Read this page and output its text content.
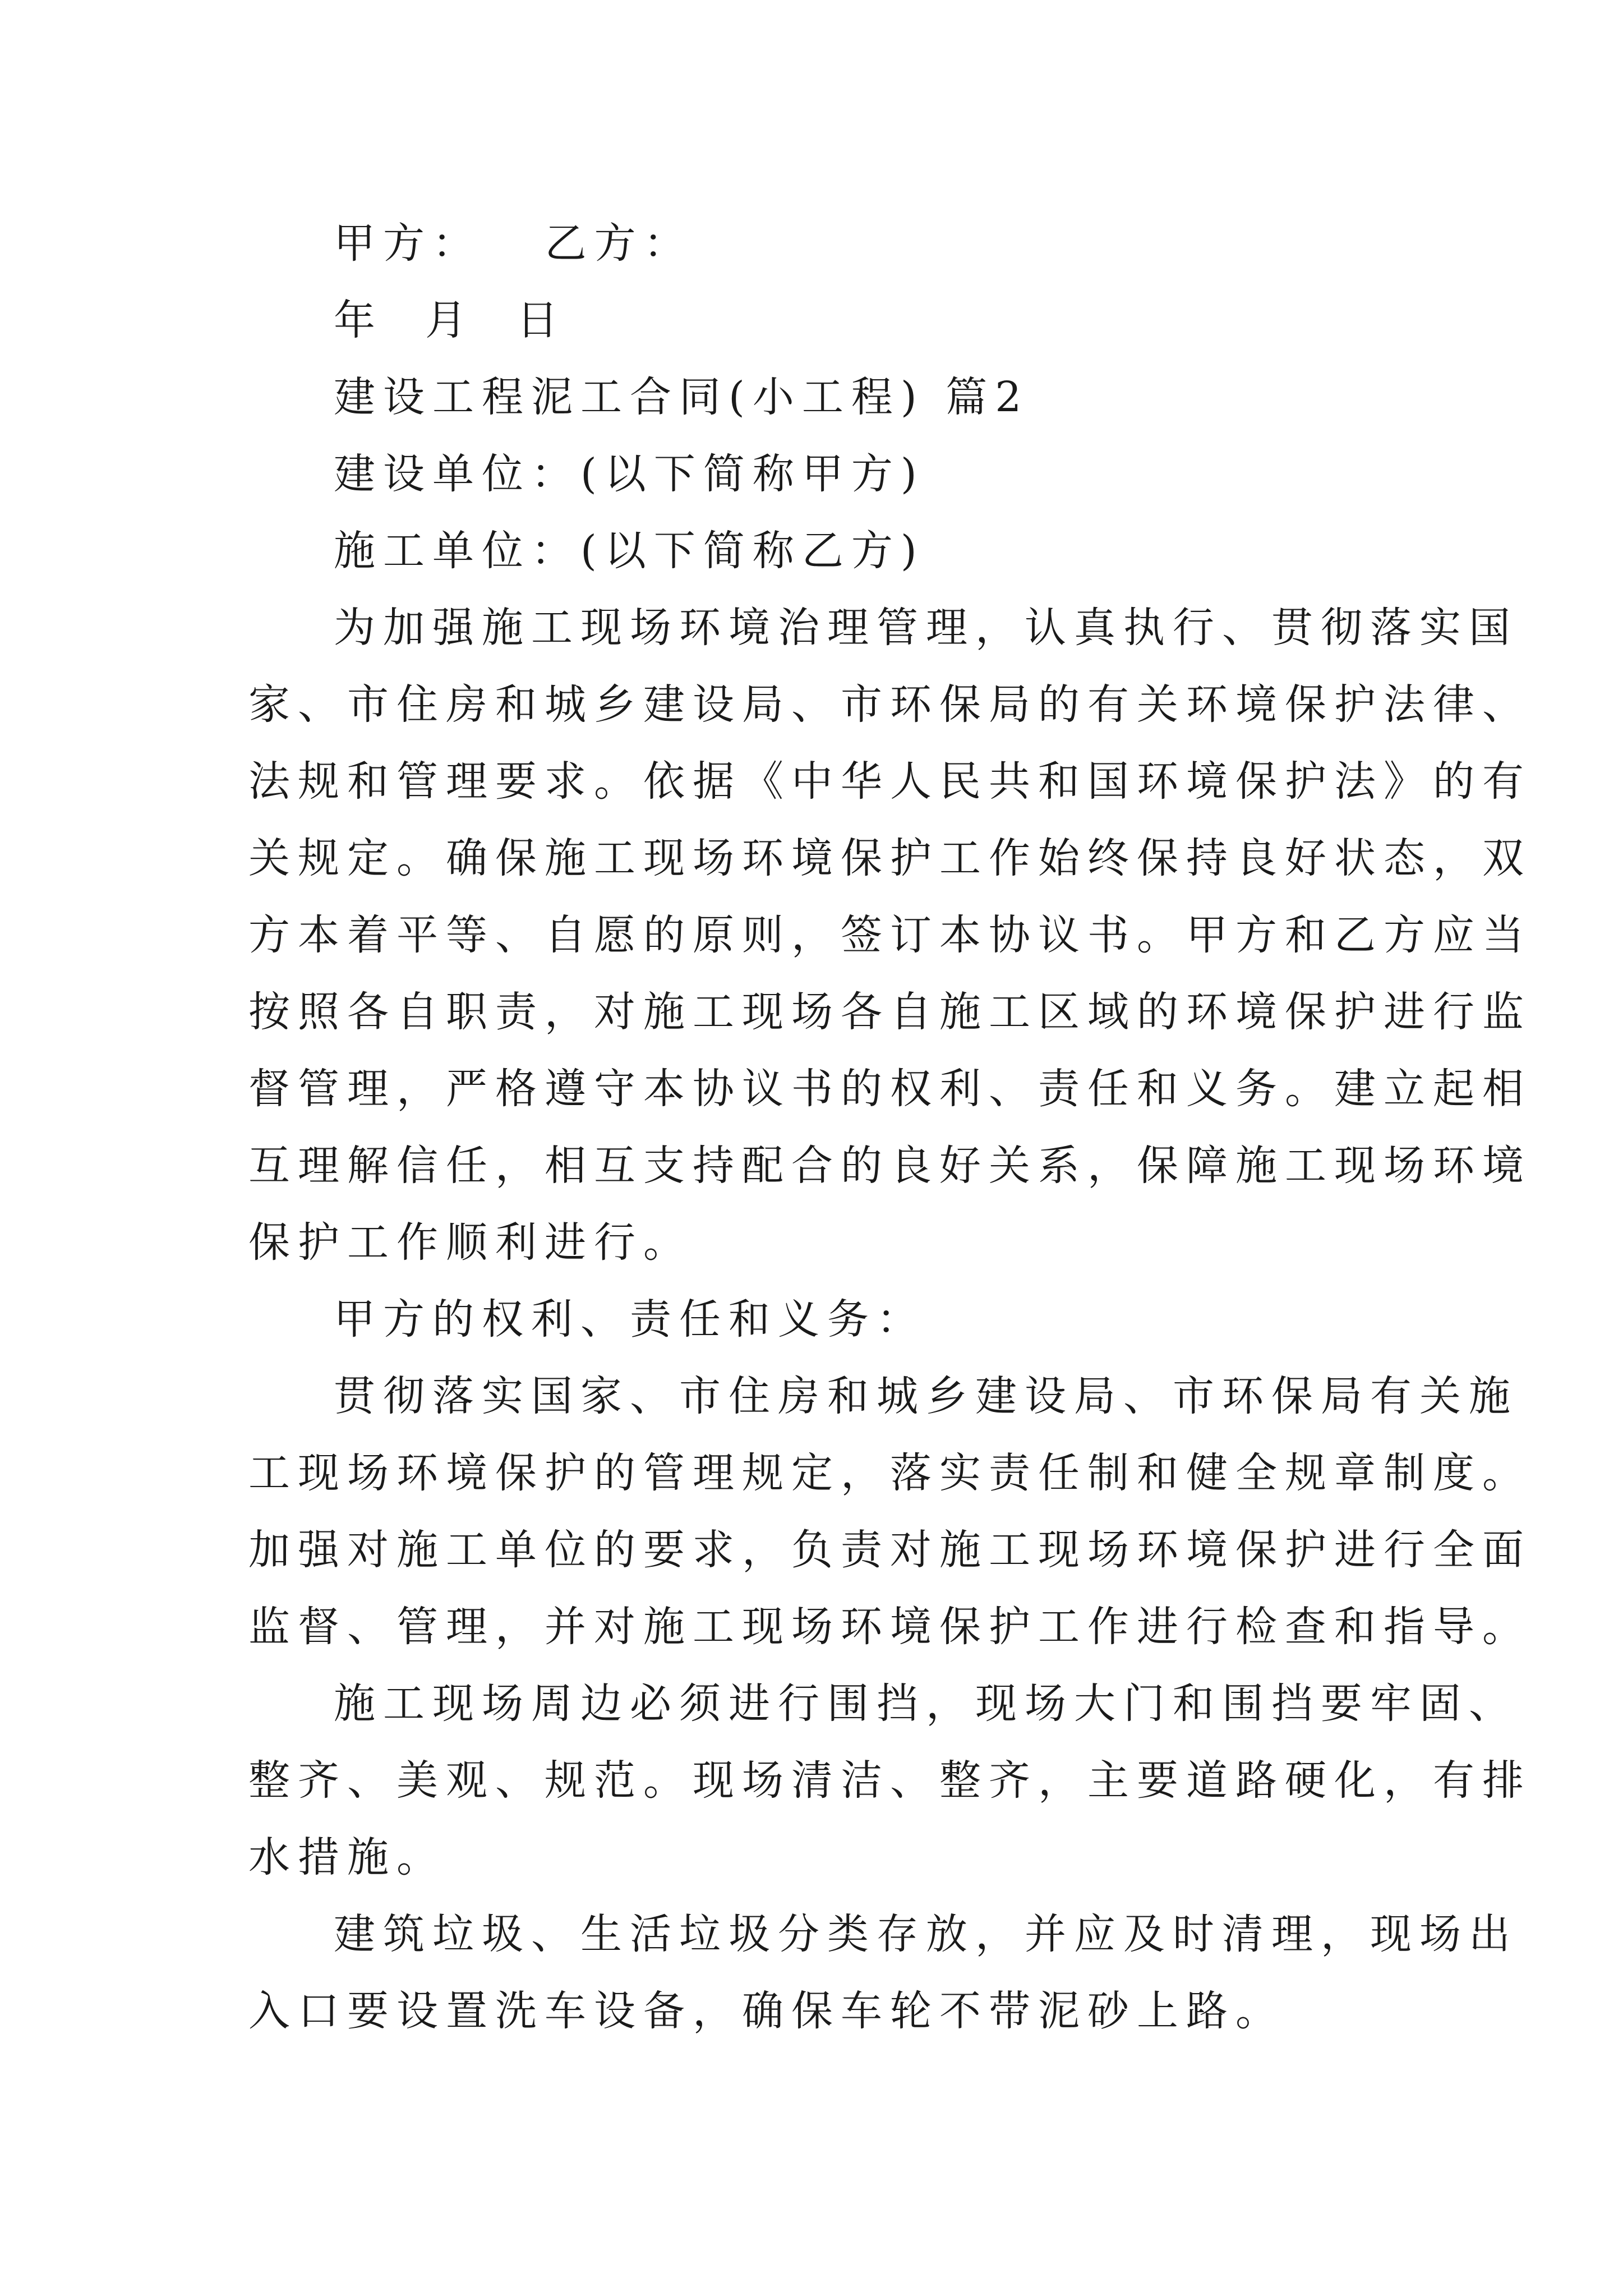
甲方： 乙方：
年  月  日
建设工程泥工合同(小工程) 篇2
建设单位：(以下简称甲方)
施工单位：(以下简称乙方)
为加强施工现场环境治理管理，认真执行、贯彻落实国
家、市住房和城乡建设局、市环保局的有关环境保护法律、
法规和管理要求。依据《中华人民共和国环境保护法》的有
关规定。确保施工现场环境保护工作始终保持良好状态，双
方本着平等、自愿的原则，签订本协议书。甲方和乙方应当
按照各自职责，对施工现场各自施工区域的环境保护进行监
督管理，严格遵守本协议书的权利、责任和义务。建立起相
互理解信任，相互支持配合的良好关系，保障施工现场环境
保护工作顺利进行。
甲方的权利、责任和义务：
贯彻落实国家、市住房和城乡建设局、市环保局有关施
工现场环境保护的管理规定，落实责任制和健全规章制度。
加强对施工单位的要求，负责对施工现场环境保护进行全面
监督、管理，并对施工现场环境保护工作进行检查和指导。
施工现场周边必须进行围挡，现场大门和围挡要牢固、
整齐、美观、规范。现场清洁、整齐，主要道路硬化，有排
水措施。
建筑垃圾、生活垃圾分类存放，并应及时清理，现场出
入口要设置洗车设备，确保车轮不带泥砂上路。
